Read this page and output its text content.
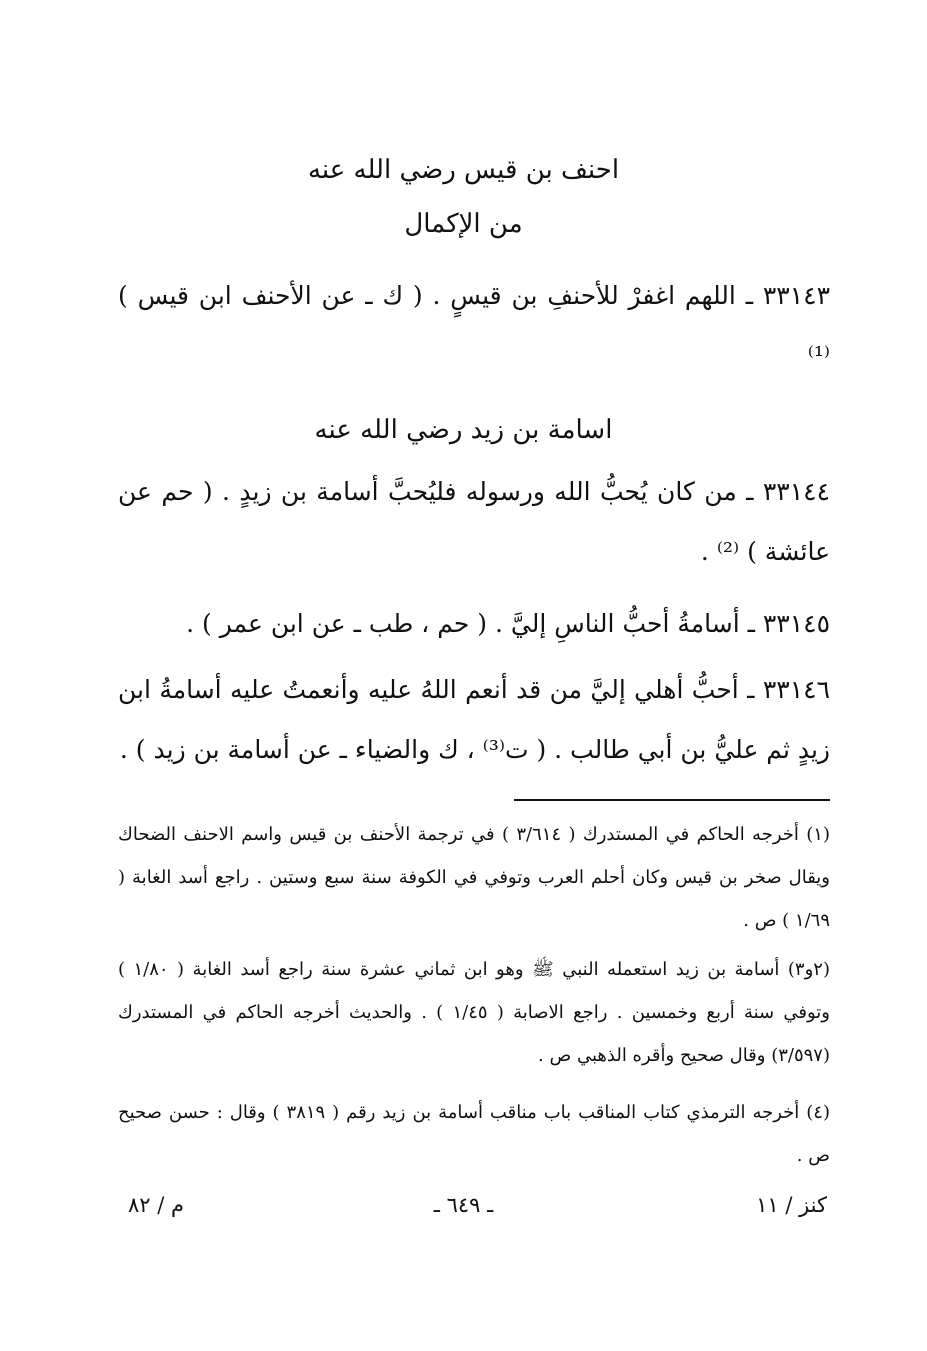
احنف بن قيس رضي الله عنه
من الإكمال
٣٣١٤٣ ـ اللهم اغفرْ للأحنفِ بن قيسٍ . ( ك ـ عن الأحنف ابن قيس ) ⁽¹⁾
اسامة بن زيد رضي الله عنه
٣٣١٤٤ ـ من كان يُحبُّ الله ورسوله فليُحبَّ أسامة بن زيدٍ . ( حم عن عائشة ) ⁽²⁾ .
٣٣١٤٥ ـ أسامةُ أحبُّ الناسِ إليَّ . ( حم ، طب ـ عن ابن عمر ) .
٣٣١٤٦ ـ أحبُّ أهلي إليَّ من قد أنعم اللهُ عليه وأنعمتُ عليه أسامةُ ابن زيدٍ ثم عليُّ بن أبي طالب . ( ت⁽³⁾ ، ك والضياء ـ عن أسامة بن زيد ) .
(١) أخرجه الحاكم في المستدرك ( ٣/٦١٤ ) في ترجمة الأحنف بن قيس واسم الاحنف الضحاك ويقال صخر بن قيس وكان أحلم العرب وتوفي في الكوفة سنة سبع وستين . راجع أسد الغابة ( ١/٦٩ ) ص .
(٢و٣) أسامة بن زيد استعمله النبي ﷺ وهو ابن ثماني عشرة سنة راجع أسد الغابة ( ١/٨٠ ) وتوفي سنة أربع وخمسين . راجع الاصابة ( ١/٤٥ ) . والحديث أخرجه الحاكم في المستدرك (٣/٥٩٧) وقال صحيح وأقره الذهبي ص .
(٤) أخرجه الترمذي كتاب المناقب باب مناقب أسامة بن زيد رقم ( ٣٨١٩ ) وقال : حسن صحيح ص .
كنز / ١١
ـ ٦٤٩ ـ
م / ٨٢
